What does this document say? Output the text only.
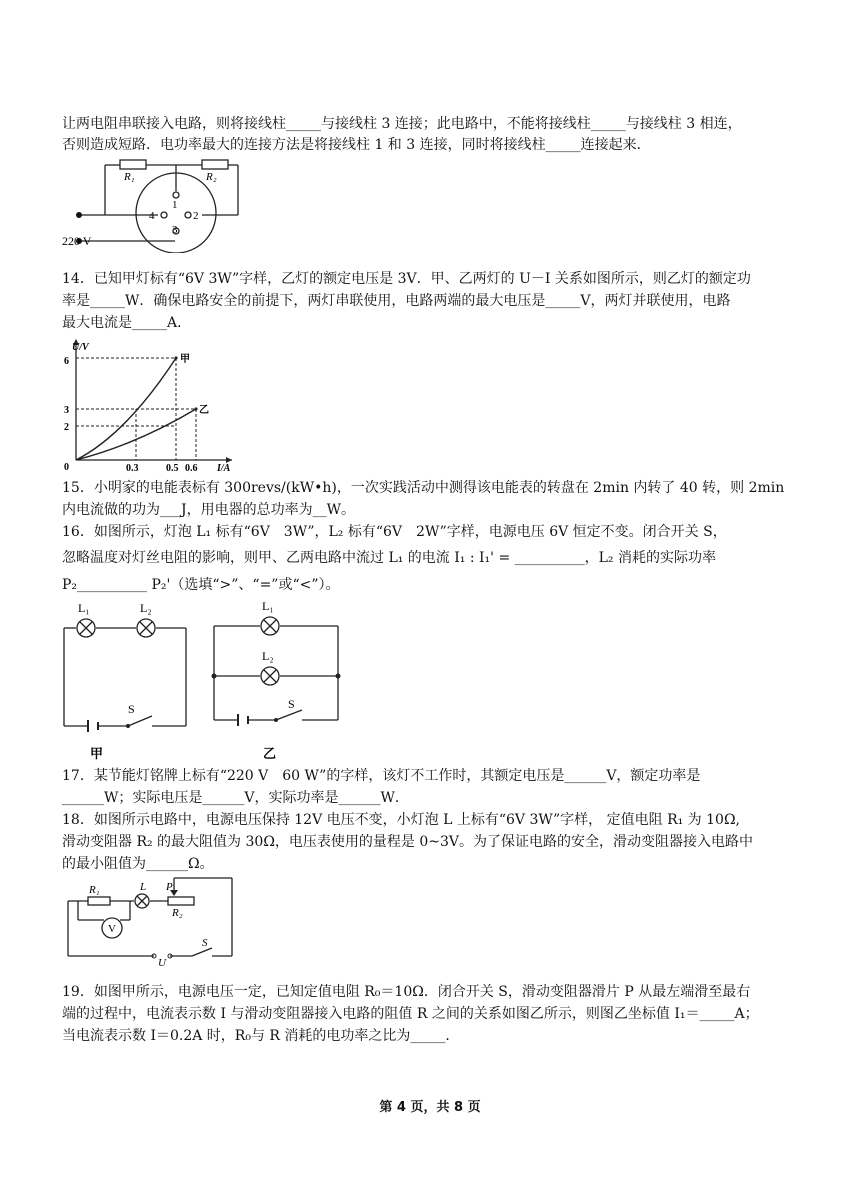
让两电阻串联接入电路，则将接线柱_____与接线柱 3 连接；此电路中，不能将接线柱_____与接线柱 3 相连，
否则造成短路．电功率最大的连接方法是将接线柱 1 和 3 连接，同时将接线柱_____连接起来．
R₁	R₂
1
2
3
4
220 V
14．已知甲灯标有“6V 3W”字样，乙灯的额定电压是 3V．甲、乙两灯的 U－I 关系如图所示，则乙灯的额定功
率是_____W．确保电路安全的前提下，两灯串联使用，电路两端的最大电压是_____V，两灯并联使用，电路
最大电流是_____A．
U/V
I/A
0
6
3
2
0.3	0.5 0.6
甲
乙
15．小明家的电能表标有 300revs/(kW•h)，一次实践活动中测得该电能表的转盘在 2min 内转了 40 转，则 2min
内电流做的功为___J，用电器的总功率为__W。
16．如图所示，灯泡 L₁ 标有“6V　3W”，L₂ 标有“6V　2W”字样，电源电压 6V 恒定不变。闭合开关 S，
忽略温度对灯丝电阻的影响，则甲、乙两电路中流过 L₁ 的电流 I₁ : I₁' = __________，L₂ 消耗的实际功率
P₂__________ P₂'（选填“>”、“=”或“<”）。
L₁	L₂
S
L₁
L₂
S
甲	乙
17．某节能灯铭牌上标有“220 V　60 W”的字样，该灯不工作时，其额定电压是______V，额定功率是
______W；实际电压是______V，实际功率是______W．
18．如图所示电路中，电源电压保持 12V 电压不变，小灯泡 L 上标有“6V 3W”字样， 定值电阻 R₁ 为 10Ω,
滑动变阻器 R₂ 的最大阻值为 30Ω，电压表使用的量程是 0~3V。为了保证电路的安全，滑动变阻器接入电路中
的最小阻值为______Ω。
R₁
R₂
L P
V
U
S
19．如图甲所示，电源电压一定，已知定值电阻 R₀＝10Ω．闭合开关 S，滑动变阻器滑片 P 从最左端滑至最右
端的过程中，电流表示数 I 与滑动变阻器接入电路的阻值 R 之间的关系如图乙所示，则图乙坐标值 I₁＝_____A；
当电流表示数 I＝0.2A 时，R₀与 R 消耗的电功率之比为_____．
第 4 页，共 8 页
